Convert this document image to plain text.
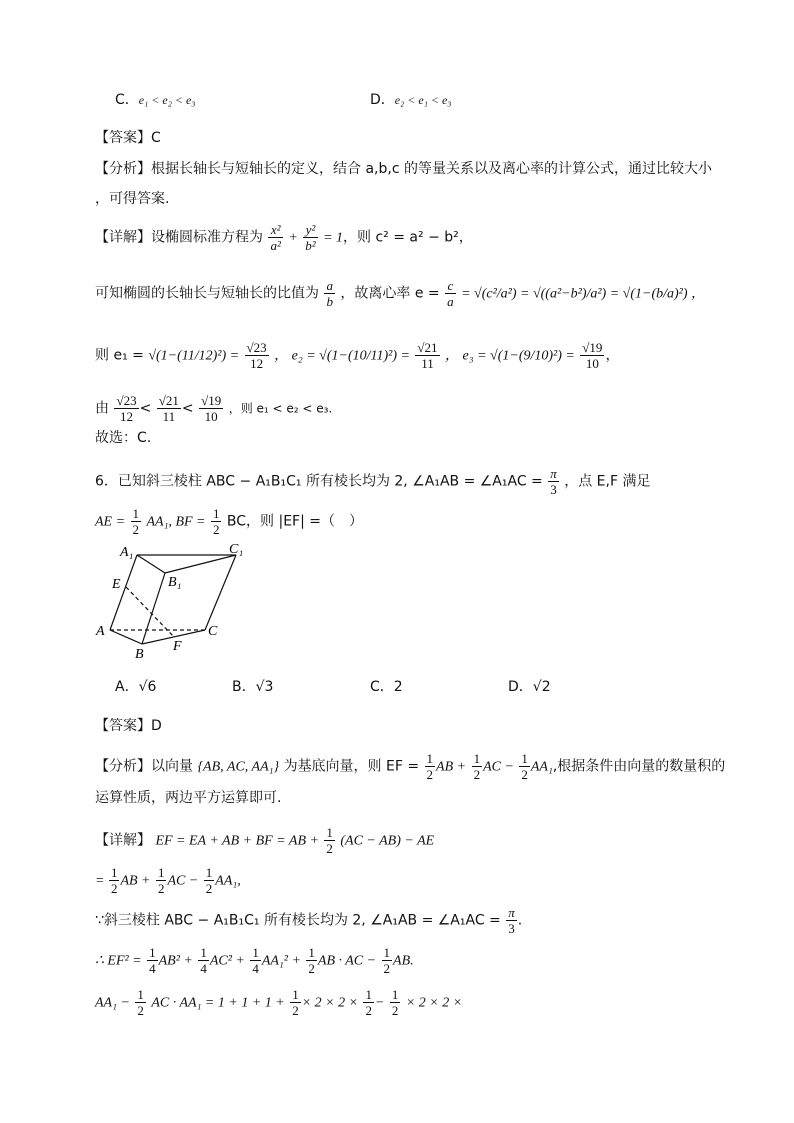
C．e₁ < e₂ < e₃	D．e₂ < e₁ < e₃
【答案】C
【分析】根据长轴长与短轴长的定义，结合 a,b,c 的等量关系以及离心率的计算公式，通过比较大小
，可得答案.
【详解】设椭圆标准方程为 $\frac{\text{x²}}{\text{a²}} + \frac{\text{y²}}{\text{b²}} = 1$，则 c² = a² − b²，
可知椭圆的长轴长与短轴长的比值为 $\frac{a}{b}$ ，故离心率 $e = \frac{c}{a} = √(c^2/a^2) = √((a^2-b^2)/a^2) = √(1-(b/a)^2)$ ，
则 $e_1 = √(1-(11/12)^2) = \frac{√23}{12}$ ， $e_2 = √(1-(10/11)^2) = \frac{√21}{11}$ ， $e_3 = √(1-(9/10)^2) = \frac{√19}{10}$ ，
由 $\frac{√23}{12} < \frac{√21}{11} < \frac{√19}{10}$ ，则 e₁ < e₂ < e₃.
故选：C.
6．已知斜三棱柱 ABC − A₁B₁C₁ 所有棱长均为 2, ∠A₁AB = ∠A₁AC = $\frac{\pi}{3}$ ，点 E,F 满足
AE = $\frac{1}{2} AA_1$, BF = $\frac{1}{2}$ BC，则 |EF| =（　）
A₁	C₁
E	B₁
A	C
B
F
A．√6	B．√3	C．2	D．√2
【答案】D
【分析】以向量 {AB, AC, AA₁} 为基底向量，则 EF = $\frac{1}{2}$ AB + $\frac{1}{2}$ AC − $\frac{1}{2} AA_1$,根据条件由向量的数量积的
运算性质，两边平方运算即可.
【详解】 EF = EA + AB + BF = AB + $\frac{1}{2} (AC - AB)$ − AE
= $\frac{1}{2}$ AB + $\frac{1}{2}$ AC − $\frac{1}{2} AA_1$,
∵斜三棱柱 ABC − A₁B₁C₁ 所有棱长均为 2, ∠A₁AB = ∠A₁AC = $\frac{\pi}{3}$ .
∴ $EF^2 = \frac{1}{4} AB^2 + \frac{1}{4} AC^2 + \frac{1}{4} AA_1^2 + \frac{1}{2}$ AB · AC − $\frac{1}{2}$ AB.
$AA_1 - \frac{1}{2}$ AC · $AA_1 = 1 + 1 + 1 + \frac{1}{2} \times 2 \times 2 \times \frac{1}{2} - \frac{1}{2} \times 2 \times 2$ ×
